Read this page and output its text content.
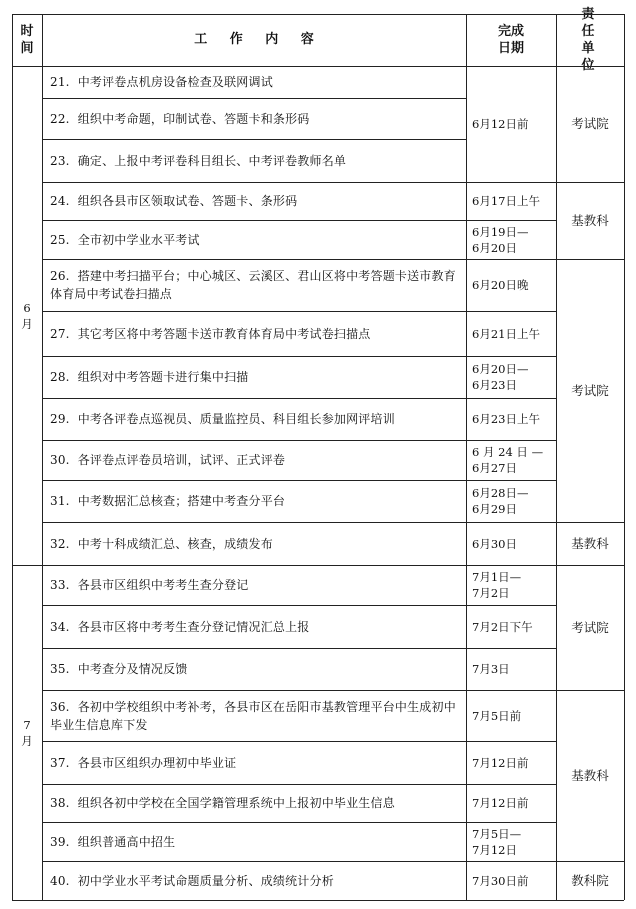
时间
工 作 内 容
完成日期
责任单位
6月
7月
21. 中考评卷点机房设备检查及联网调试
22. 组织中考命题，印制试卷、答题卡和条形码
23. 确定、上报中考评卷科目组长、中考评卷教师名单
24. 组织各县市区领取试卷、答题卡、条形码
25. 全市初中学业水平考试
26. 搭建中考扫描平台；中心城区、云溪区、君山区将中考答题卡送市教育体育局中考试卷扫描点
27. 其它考区将中考答题卡送市教育体育局中考试卷扫描点
28. 组织对中考答题卡进行集中扫描
29. 中考各评卷点巡视员、质量监控员、科目组长参加网评培训
30. 各评卷点评卷员培训，试评、正式评卷
31. 中考数据汇总核查；搭建中考查分平台
32. 中考十科成绩汇总、核查，成绩发布
33. 各县市区组织中考考生查分登记
34. 各县市区将中考考生查分登记情况汇总上报
35. 中考查分及情况反馈
36. 各初中学校组织中考补考，各县市区在岳阳市基教管理平台中生成初中毕业生信息库下发
37. 各县市区组织办理初中毕业证
38. 组织各初中学校在全国学籍管理系统中上报初中毕业生信息
39. 组织普通高中招生
40. 初中学业水平考试命题质量分析、成绩统计分析
6月12日前
6月17日上午
6月19日—
6月20日
6月20日晚
6月21日上午
6月20日—
6月23日
6月23日上午
6 月 24 日 —
6月27日
6月28日—
6月29日
6月30日
7月1日—
7月2日
7月2日下午
7月3日
7月5日前
7月12日前
7月12日前
7月5日—
7月12日
7月30日前
考试院
基教科
考试院
基教科
考试院
基教科
教科院
